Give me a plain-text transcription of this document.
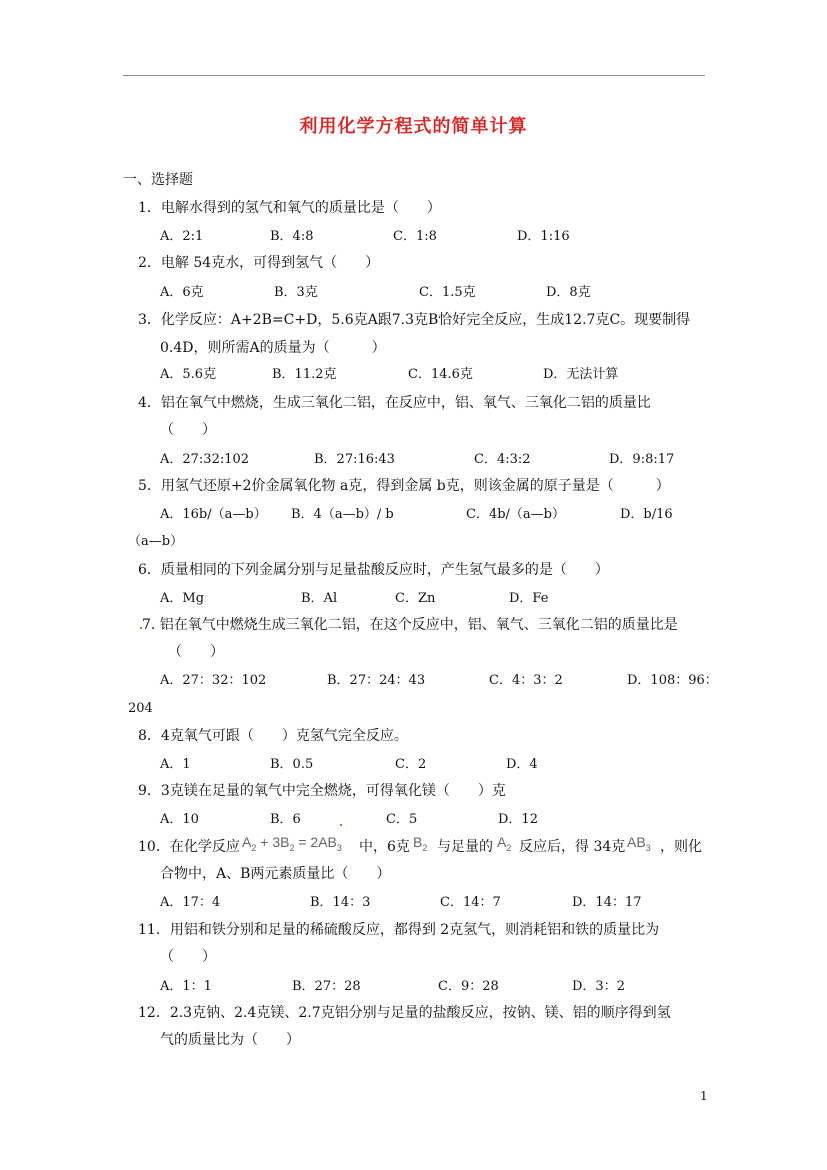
利用化学方程式的简单计算
一、选择题
1．电解水得到的氢气和氧气的质量比是（　　）
A．2:1	B．4:8	C．1:8	D．1:16
2．电解 54克水，可得到氢气（　　）
A．6克	B．3克	C．1.5克	D．8克
3．化学反应：A+2B=C+D，5.6克A跟7.3克B恰好完全反应，生成12.7克C。现要制得
0.4D，则所需A的质量为（　　　）
A．5.6克	B．11.2克	C．14.6克	D．无法计算
4．铝在氧气中燃烧，生成三氧化二铝，在反应中，铝、氧气、三氧化二铝的质量比
（　　）
A．27:32:102	B．27:16:43	C．4:3:2	D．9:8:17
5．用氢气还原+2价金属氧化物 a克，得到金属 b克，则该金属的原子量是（　　　）
A．16b/（a—b） B．4（a—b）/ b	C．4b/（a—b）	D．b/16
（a—b）
6．质量相同的下列金属分别与足量盐酸反应时，产生氢气最多的是（　　）
A．Mg	B．Al	C．Zn	D．Fe
7. 铝在氧气中燃烧生成三氧化二铝，在这个反应中，铝、氧气、三氧化二铝的质量比是
（　　）
A．27：32：102	B．27：24：43	C．4：3：2	D．108：96：
204
8．4克氧气可跟（　　）克氢气完全反应。
A．1	B．0.5	C．2	D．4
9．3克镁在足量的氧气中完全燃烧，可得氧化镁（　　）克
A．10	B．6	C．5	D．12
10．在化学反应 $A_2 + 3B_2 = 2AB_3$ 中，6克 $B_2$ 与足量的 $A_2$ 反应后，得 34克 $AB_3$ ，则化
合物中，A、B两元素质量比（　　）
A．17：4	B．14：3	C．14：7	D．14：17
11．用铝和铁分别和足量的稀硫酸反应，都得到 2克氢气，则消耗铝和铁的质量比为
（　　）
A．1：1	B．27：28	C．9：28	D．3：2
12．2.3克钠、2.4克镁、2.7克铝分别与足量的盐酸反应，按钠、镁、铝的顺序得到氢
气的质量比为（　　）
1
